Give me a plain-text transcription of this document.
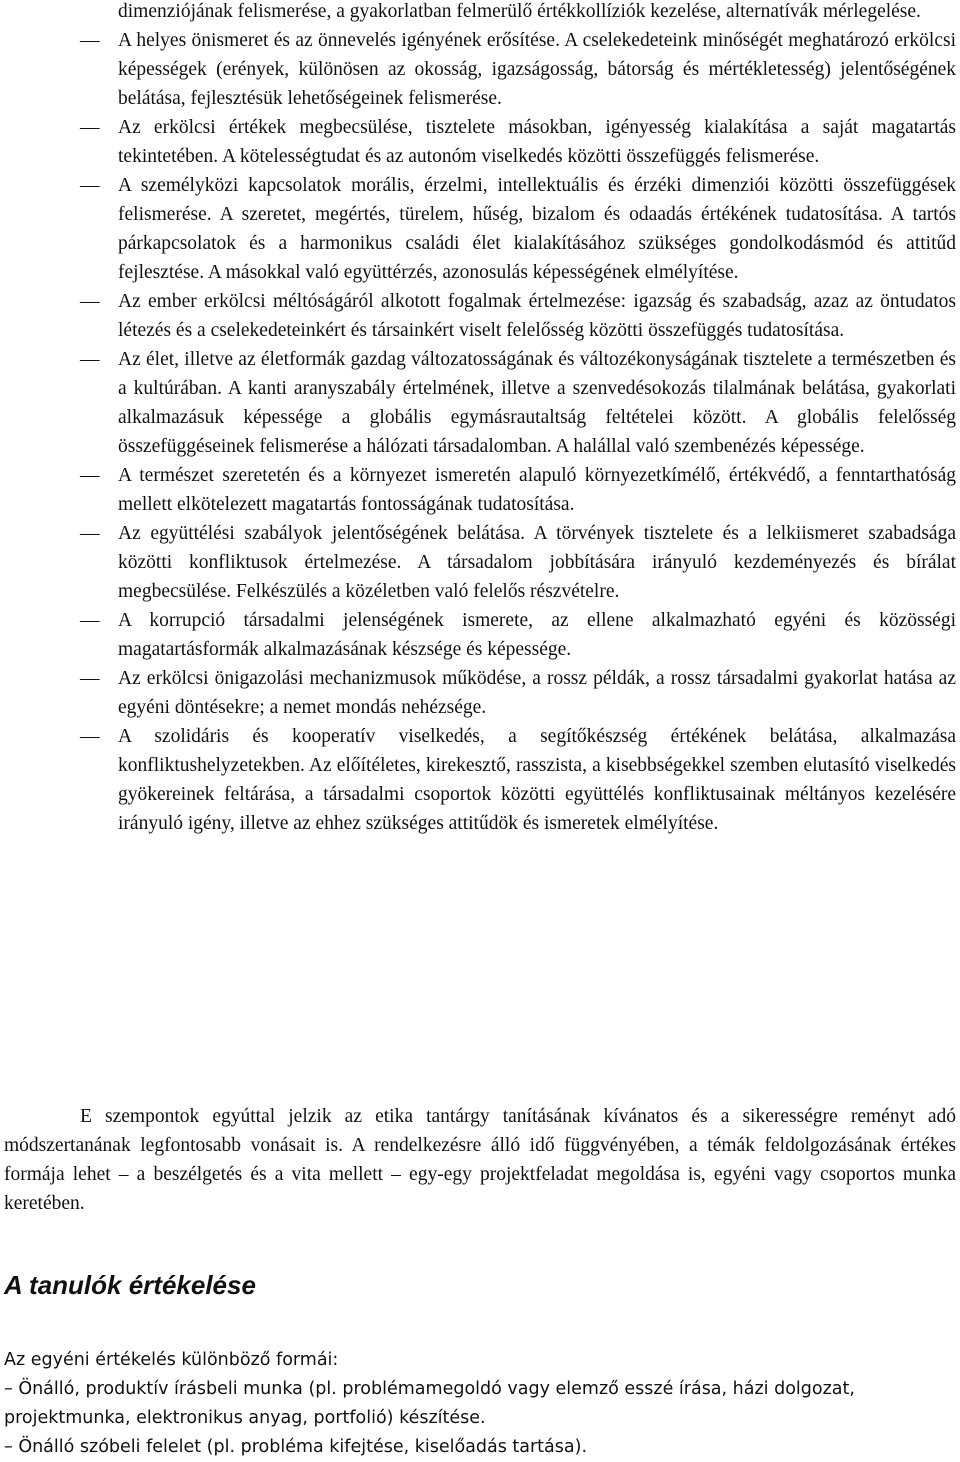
dimenziójának felismerése, a gyakorlatban felmerülő értékkollíziók kezelése, alternatívák mérlegelése.
— A helyes önismeret és az önnevelés igényének erősítése. A cselekedeteink minőségét meghatározó erkölcsi képességek (erények, különösen az okosság, igazságosság, bátorság és mértékletesség) jelentőségének belátása, fejlesztésük lehetőségeinek felismerése.
— Az erkölcsi értékek megbecsülése, tisztelete másokban, igényesség kialakítása a saját magatartás tekintetében. A kötelességtudat és az autonóm viselkedés közötti összefüggés felismerése.
— A személyközi kapcsolatok morális, érzelmi, intellektuális és érzéki dimenziói közötti összefüggések felismerése. A szeretet, megértés, türelem, hűség, bizalom és odaadás értékének tudatosítása. A tartós párkapcsolatok és a harmonikus családi élet kialakításához szükséges gondolkodásmód és attitűd fejlesztése. A másokkal való együttérzés, azonosulás képességének elmélyítése.
— Az ember erkölcsi méltóságáról alkotott fogalmak értelmezése: igazság és szabadság, azaz az öntudatos létezés és a cselekedeteinkért és társainkért viselt felelősség közötti összefüggés tudatosítása.
— Az élet, illetve az életformák gazdag változatosságának és változékonyságának tisztelete a természetben és a kultúrában. A kanti aranyszabály értelmének, illetve a szenvedésokozás tilalmának belátása, gyakorlati alkalmazásuk képessége a globális egymásrautaltság feltételei között. A globális felelősség összefüggéseinek felismerése a hálózati társadalomban. A halállal való szembenézés képessége.
— A természet szeretetén és a környezet ismeretén alapuló környezetkímélő, értékvédő, a fenntarthatóság mellett elkötelezett magatartás fontosságának tudatosítása.
— Az együttélési szabályok jelentőségének belátása. A törvények tisztelete és a lelkiismeret szabadsága közötti konfliktusok értelmezése. A társadalom jobbítására irányuló kezdeményezés és bírálat megbecsülése. Felkészülés a közéletben való felelős részvételre.
— A korrupció társadalmi jelenségének ismerete, az ellene alkalmazható egyéni és közösségi magatartásformák alkalmazásának készsége és képessége.
— Az erkölcsi önigazolási mechanizmusok működése, a rossz példák, a rossz társadalmi gyakorlat hatása az egyéni döntésekre; a nemet mondás nehézsége.
— A szolidáris és kooperatív viselkedés, a segítőkészség értékének belátása, alkalmazása konfliktushelyzetekben. Az előítéletes, kirekesztő, rasszista, a kisebbségekkel szemben elutasító viselkedés gyökereinek feltárása, a társadalmi csoportok közötti együttélés konfliktusainak méltányos kezelésére irányuló igény, illetve az ehhez szükséges attitűdök és ismeretek elmélyítése.

E szempontok egyúttal jelzik az etika tantárgy tanításának kívánatos és a sikerességre reményt adó módszertanának legfontosabb vonásait is. A rendelkezésre álló idő függvényében, a témák feldolgozásának értékes formája lehet – a beszélgetés és a vita mellett – egy-egy projektfeladat megoldása is, egyéni vagy csoportos munka keretében.

A tanulók értékelése
Az egyéni értékelés különböző formái:
– Önálló, produktív írásbeli munka (pl. problémamegoldó vagy elemző esszé írása, házi dolgozat, projektmunka, elektronikus anyag, portfolió) készítése.
– Önálló szóbeli felelet (pl. probléma kifejtése, kiselőadás tartása).
